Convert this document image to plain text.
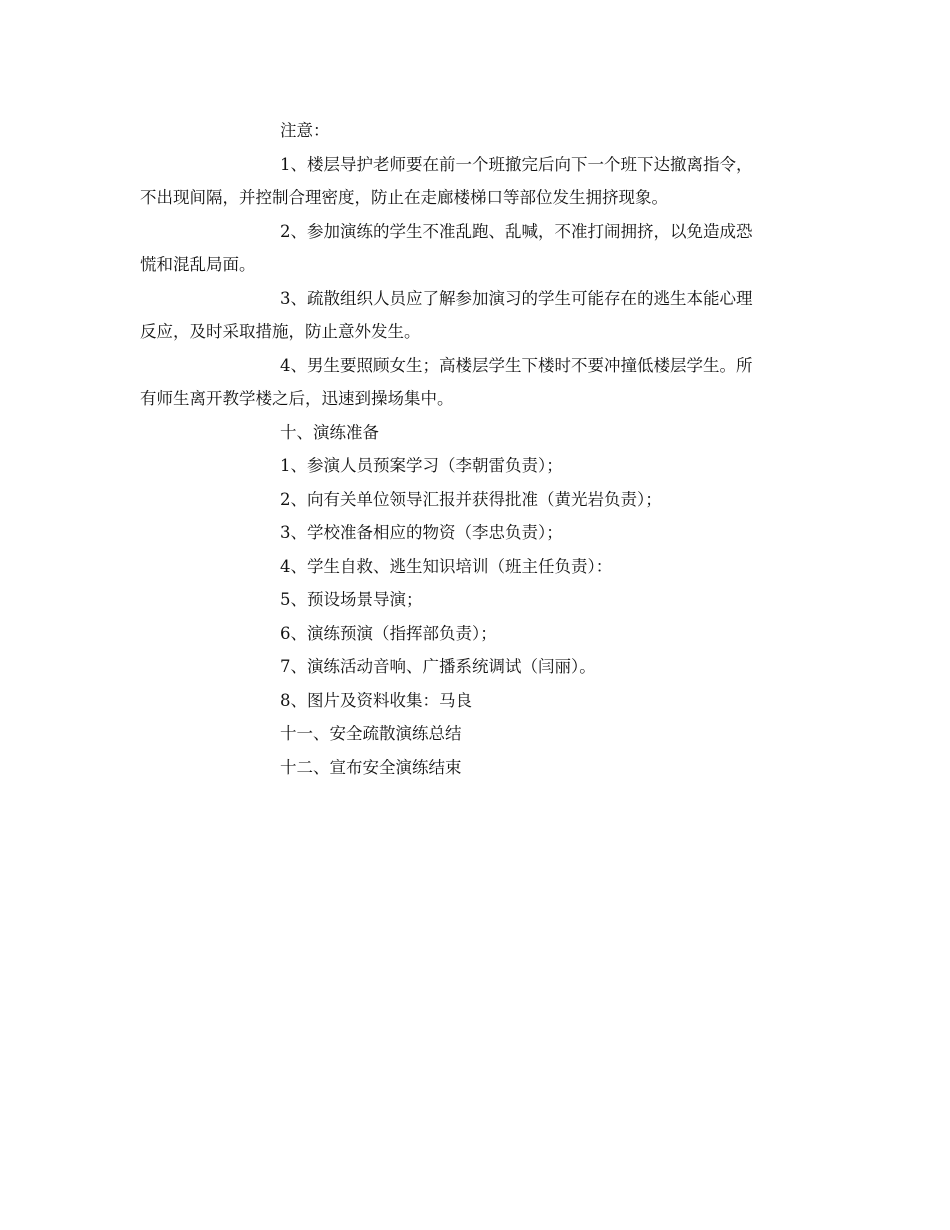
注意：
1、楼层导护老师要在前一个班撤完后向下一个班下达撤离指令，
不出现间隔，并控制合理密度，防止在走廊楼梯口等部位发生拥挤现象。
2、参加演练的学生不准乱跑、乱喊，不准打闹拥挤，以免造成恐
慌和混乱局面。
3、疏散组织人员应了解参加演习的学生可能存在的逃生本能心理
反应，及时采取措施，防止意外发生。
4、男生要照顾女生；高楼层学生下楼时不要冲撞低楼层学生。所
有师生离开教学楼之后，迅速到操场集中。
十、演练准备
1、参演人员预案学习（李朝雷负责）；
2、向有关单位领导汇报并获得批准（黄光岩负责）；
3、学校准备相应的物资（李忠负责）；
4、学生自救、逃生知识培训（班主任负责）：
5、预设场景导演；
6、演练预演（指挥部负责）；
7、演练活动音响、广播系统调试（闫丽）。
8、图片及资料收集：马良
十一、安全疏散演练总结
十二、宣布安全演练结束
